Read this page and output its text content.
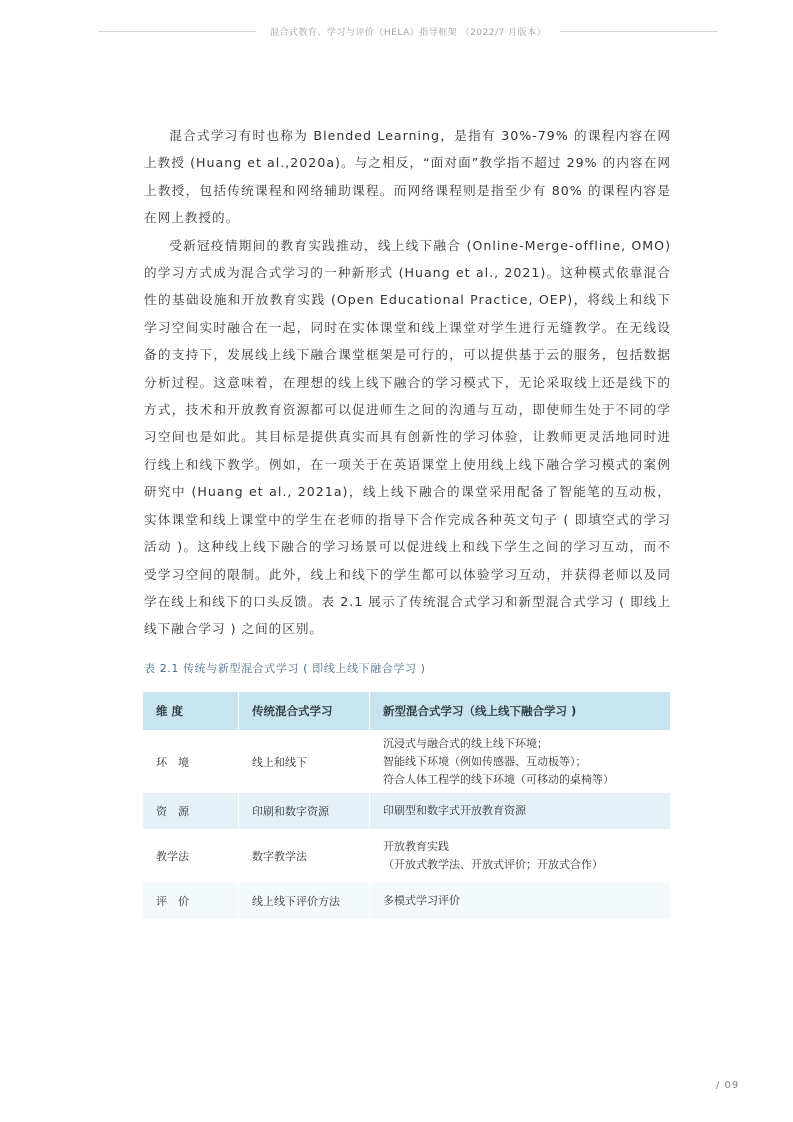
混合式教育、学习与评价（HELA）指导框架 （2022/7 月版本）

混合式学习有时也称为 Blended Learning，是指有 30%-79% 的课程内容在网上教授 (Huang et al.,2020a)。与之相反，“面对面”教学指不超过 29% 的内容在网上教授，包括传统课程和网络辅助课程。而网络课程则是指至少有 80% 的课程内容是在网上教授的。

受新冠疫情期间的教育实践推动，线上线下融合 (Online-Merge-offline, OMO) 的学习方式成为混合式学习的一种新形式 (Huang et al., 2021)。这种模式依靠混合性的基础设施和开放教育实践 (Open Educational Practice, OEP)，将线上和线下学习空间实时融合在一起，同时在实体课堂和线上课堂对学生进行无缝教学。在无线设备的支持下，发展线上线下融合课堂框架是可行的，可以提供基于云的服务，包括数据分析过程。这意味着，在理想的线上线下融合的学习模式下，无论采取线上还是线下的方式，技术和开放教育资源都可以促进师生之间的沟通与互动，即使师生处于不同的学习空间也是如此。其目标是提供真实而具有创新性的学习体验，让教师更灵活地同时进行线上和线下教学。例如，在一项关于在英语课堂上使用线上线下融合学习模式的案例研究中 (Huang et al., 2021a)，线上线下融合的课堂采用配备了智能笔的互动板，实体课堂和线上课堂中的学生在老师的指导下合作完成各种英文句子 ( 即填空式的学习活动 )。这种线上线下融合的学习场景可以促进线上和线下学生之间的学习互动，而不受学习空间的限制。此外，线上和线下的学生都可以体验学习互动，并获得老师以及同学在线上和线下的口头反馈。表 2.1 展示了传统混合式学习和新型混合式学习 ( 即线上线下融合学习 ) 之间的区别。

表 2.1 传统与新型混合式学习 ( 即线上线下融合学习 )
维 度	传统混合式学习	新型混合式学习（线上线下融合学习 )
环　境	线上和线下	沉浸式与融合式的线上线下环境；
智能线下环境（例如传感器、互动板等）；
符合人体工程学的线下环境（可移动的桌椅等）

资　源	印刷和数字资源	印刷型和数字式开放教育资源

教学法	数字教学法	开放教育实践
（开放式教学法、开放式评价；开放式合作）

评　价	线上线下评价方法	多模式学习评价
/ 09
